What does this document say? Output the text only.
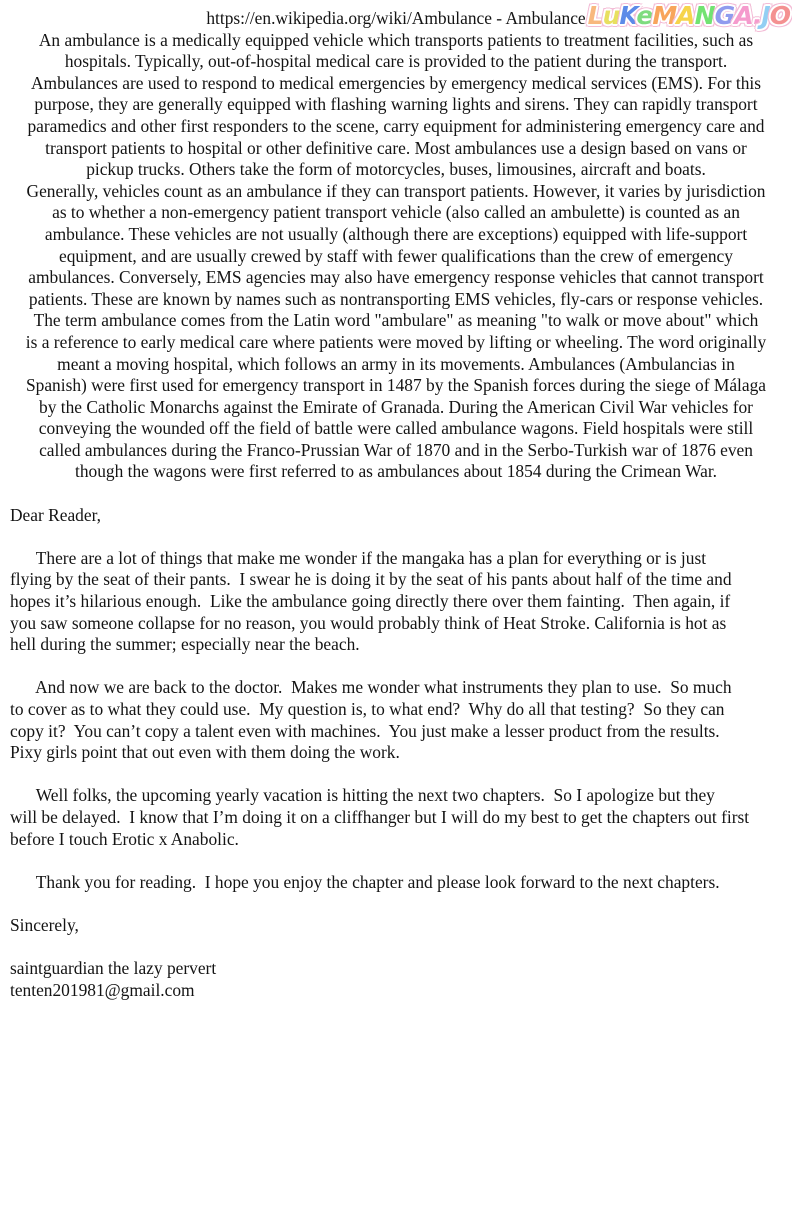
https://en.wikipedia.org/wiki/Ambulance - Ambulance LuKeMANGA.JO
An ambulance is a medically equipped vehicle which transports patients to treatment facilities, such as
hospitals. Typically, out-of-hospital medical care is provided to the patient during the transport.
Ambulances are used to respond to medical emergencies by emergency medical services (EMS). For this
purpose, they are generally equipped with flashing warning lights and sirens. They can rapidly transport
paramedics and other first responders to the scene, carry equipment for administering emergency care and
transport patients to hospital or other definitive care. Most ambulances use a design based on vans or
pickup trucks. Others take the form of motorcycles, buses, limousines, aircraft and boats.
Generally, vehicles count as an ambulance if they can transport patients. However, it varies by jurisdiction
as to whether a non-emergency patient transport vehicle (also called an ambulette) is counted as an
ambulance. These vehicles are not usually (although there are exceptions) equipped with life-support
equipment, and are usually crewed by staff with fewer qualifications than the crew of emergency
ambulances. Conversely, EMS agencies may also have emergency response vehicles that cannot transport
patients. These are known by names such as nontransporting EMS vehicles, fly-cars or response vehicles.
The term ambulance comes from the Latin word "ambulare" as meaning "to walk or move about" which
is a reference to early medical care where patients were moved by lifting or wheeling. The word originally
meant a moving hospital, which follows an army in its movements. Ambulances (Ambulancias in
Spanish) were first used for emergency transport in 1487 by the Spanish forces during the siege of Málaga
by the Catholic Monarchs against the Emirate of Granada. During the American Civil War vehicles for
conveying the wounded off the field of battle were called ambulance wagons. Field hospitals were still
called ambulances during the Franco-Prussian War of 1870 and in the Serbo-Turkish war of 1876 even
though the wagons were first referred to as ambulances about 1854 during the Crimean War.
Dear Reader,
There are a lot of things that make me wonder if the mangaka has a plan for everything or is just
flying by the seat of their pants.  I swear he is doing it by the seat of his pants about half of the time and
hopes it’s hilarious enough.  Like the ambulance going directly there over them fainting.  Then again, if
you saw someone collapse for no reason, you would probably think of Heat Stroke. California is hot as
hell during the summer; especially near the beach.
And now we are back to the doctor.  Makes me wonder what instruments they plan to use.  So much
to cover as to what they could use.  My question is, to what end?  Why do all that testing?  So they can
copy it?  You can’t copy a talent even with machines.  You just make a lesser product from the results.
Pixy girls point that out even with them doing the work.
Well folks, the upcoming yearly vacation is hitting the next two chapters.  So I apologize but they
will be delayed.  I know that I’m doing it on a cliffhanger but I will do my best to get the chapters out first
before I touch Erotic x Anabolic.
Thank you for reading.  I hope you enjoy the chapter and please look forward to the next chapters.
Sincerely,
saintguardian the lazy pervert
tenten201981@gmail.com
